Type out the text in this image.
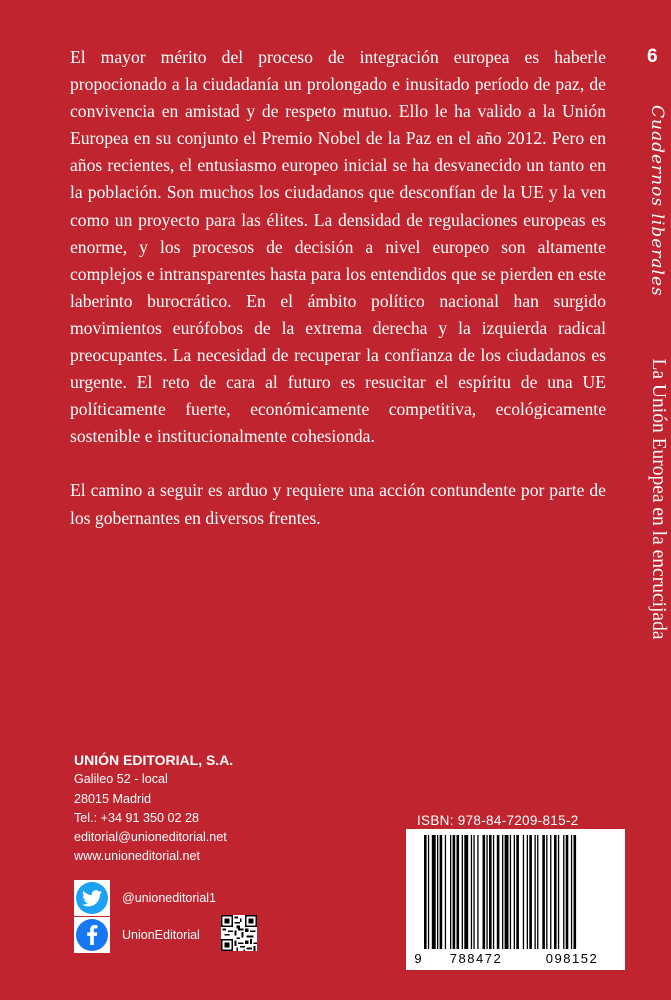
El mayor mérito del proceso de integración europea es haberle propocionado a la ciudadanía un prolongado e inusitado período de paz, de convivencia en amistad y de respeto mutuo. Ello le ha valido a la Unión Europea en su conjunto el Premio Nobel de la Paz en el año 2012. Pero en años recientes, el entusiasmo europeo inicial se ha desvanecido un tanto en la población. Son muchos los ciudadanos que desconfían de la UE y la ven como un proyecto para las élites. La densidad de regulaciones europeas es enorme, y los procesos de decisión a nivel europeo son altamente complejos e intransparentes hasta para los entendidos que se pierden en este laberinto burocrático. En el ámbito político nacional han surgido movimientos eurófobos de la extrema derecha y la izquierda radical preocupantes. La necesidad de recuperar la confianza de los ciudadanos es urgente. El reto de cara al futuro es resucitar el espíritu de una UE políticamente fuerte, económicamente competitiva, ecológicamente sostenible e institucionalmente cohesionda.

El camino a seguir es arduo y requiere una acción contundente por parte de los gobernantes en diversos frentes.

6
Cuadernos liberales
La Unión Europea en la encrucijada
UNIÓN EDITORIAL, S.A.
Galileo 52 - local
28015 Madrid
Tel.: +34 91 350 02 28
editorial@unioneditorial.net
www.unioneditorial.net
@unioneditorial1
UnionEditorial
ISBN: 978-84-7209-815-2
9	788472	098152
